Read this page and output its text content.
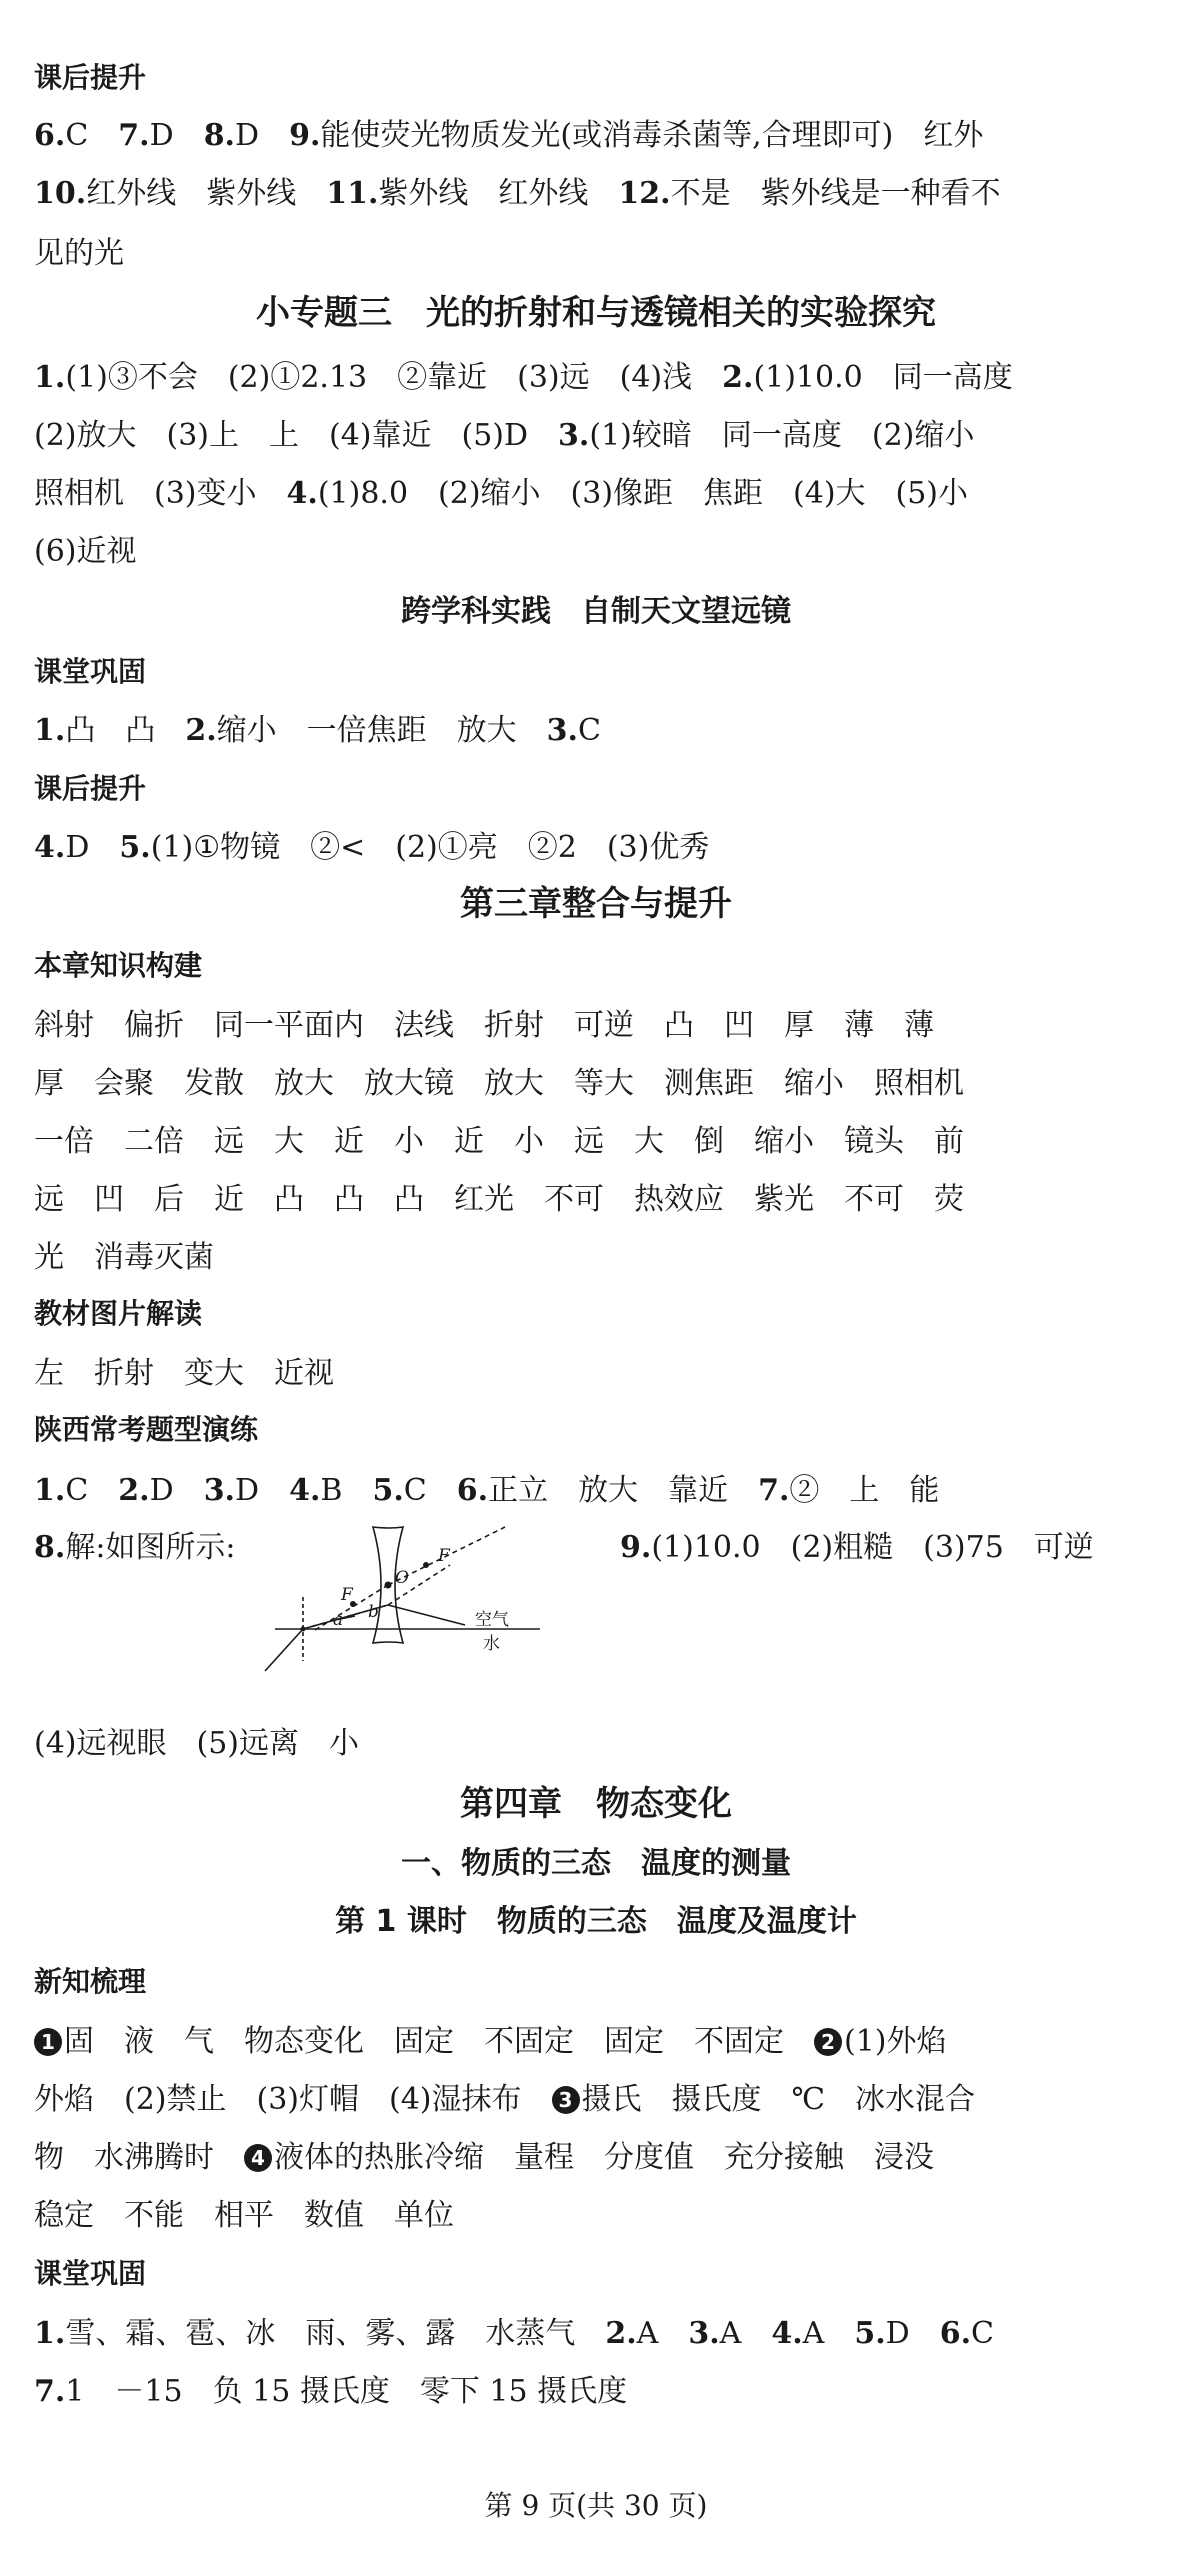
课后提升
6.C　7.D　8.D　9.能使荧光物质发光(或消毒杀菌等,合理即可)　红外
10.红外线　紫外线　11.紫外线　红外线　12.不是　紫外线是一种看不
见的光
小专题三　光的折射和与透镜相关的实验探究
1.(1)③不会　(2)①2.13　②靠近　(3)远　(4)浅　2.(1)10.0　同一高度
(2)放大　(3)上　上　(4)靠近　(5)D　3.(1)较暗　同一高度　(2)缩小
照相机　(3)变小　4.(1)8.0　(2)缩小　(3)像距　焦距　(4)大　(5)小
(6)近视
跨学科实践　自制天文望远镜
课堂巩固
1.凸　凸　2.缩小　一倍焦距　放大　3.C
课后提升
4.D　5.(1)①物镜　②<　(2)①亮　②2　(3)优秀
第三章整合与提升
本章知识构建
斜射　偏折　同一平面内　法线　折射　可逆　凸　凹　厚　薄　薄
厚　会聚　发散　放大　放大镜　放大　等大　测焦距　缩小　照相机
一倍　二倍　远　大　近　小　近　小　远　大　倒　缩小　镜头　前
远　凹　后　近　凸　凸　凸　红光　不可　热效应　紫光　不可　荧
光　消毒灭菌
教材图片解读
左　折射　变大　近视
陕西常考题型演练
1.C　2.D　3.D　4.B　5.C　6.正立　放大　靠近　7.②　上　能
8.解:如图所示:	9.(1)10.0　(2)粗糙　(3)75　可逆
F
O
F
a b	空气
水
(4)远视眼　(5)远离　小
第四章　物态变化
一、物质的三态　温度的测量
第 1 课时　物质的三态　温度及温度计
新知梳理
1 固　液　气　物态变化　固定　不固定　固定　不固定　2 (1)外焰
外焰　(2)禁止　(3)灯帽　(4)湿抹布　3 摄氏　摄氏度　℃　冰水混合
物　水沸腾时　4 液体的热胀冷缩　量程　分度值　充分接触　浸没
稳定　不能　相平　数值　单位
课堂巩固
1.雪、霜、雹、冰　雨、雾、露　水蒸气　2.A　3.A　4.A　5.D　6.C
7.1　－15　负 15 摄氏度　零下 15 摄氏度
第 9 页(共 30 页)
